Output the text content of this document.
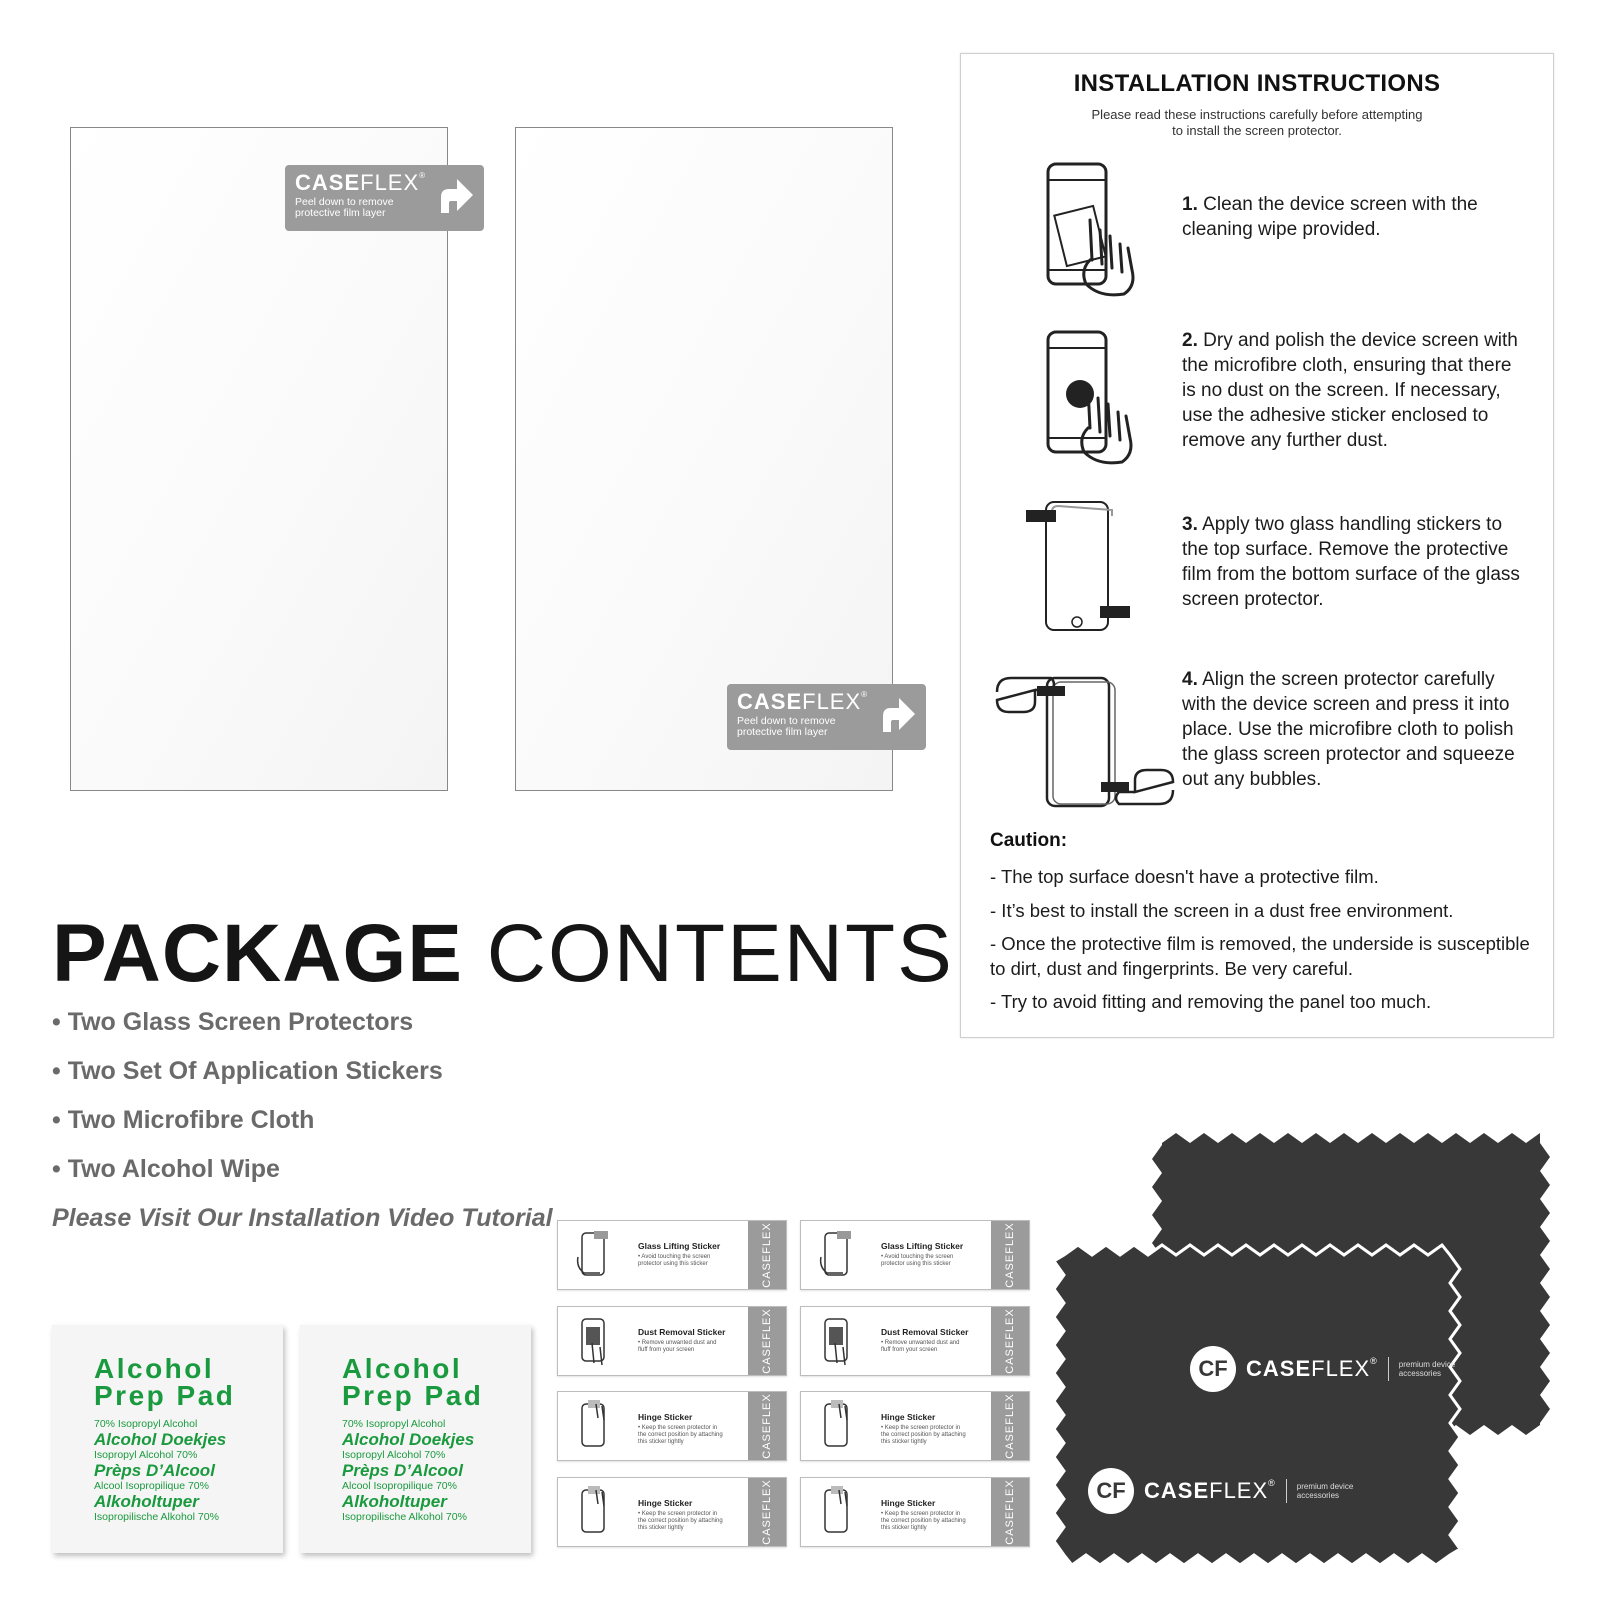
CASEFLEX®
Peel down to remove
protective film layer
CASEFLEX®
Peel down to remove
protective film layer
INSTALLATION INSTRUCTIONS
Please read these instructions carefully before attempting
to install the screen protector.
1. Clean the device screen with the cleaning wipe provided.
2. Dry and polish the device screen with the microfibre cloth, ensuring that there is no dust on the screen. If necessary, use the adhesive sticker enclosed to remove any further dust.
3. Apply two glass handling stickers to the top surface. Remove the protective film from the bottom surface of the glass screen protector.
4. Align the screen protector carefully with the device screen and press it into place. Use the microfibre cloth to polish the glass screen protector and squeeze out any bubbles.
Caution:
- The top surface doesn't have a protective film.
- It’s best to install the screen in a dust free environment.
- Once the protective film is removed, the underside is susceptible to dirt, dust and fingerprints. Be very careful.
- Try to avoid fitting and removing the panel too much.
PACKAGE CONTENTS
• Two Glass Screen Protectors
• Two Set Of Application Stickers
• Two Microfibre Cloth
• Two Alcohol Wipe
Please Visit Our Installation Video Tutorial
Alcohol
Prep Pad
70% Isopropyl Alcohol
Alcohol Doekjes
Isopropyl Alcohol 70%
Prèps D’Alcool
Alcool Isopropilique 70%
Alkoholtuper
Isopropilische Alkohol 70%
Alcohol
Prep Pad
70% Isopropyl Alcohol
Alcohol Doekjes
Isopropyl Alcohol 70%
Prèps D’Alcool
Alcool Isopropilique 70%
Alkoholtuper
Isopropilische Alkohol 70%
Glass Lifting Sticker
• Avoid touching the screen
protector using this sticker	CASEFLEX	Glass Lifting Sticker
• Avoid touching the screen
protector using this sticker	CASEFLEX
Dust Removal Sticker
• Remove unwanted dust and
fluff from your screen	CASEFLEX	Dust Removal Sticker
• Remove unwanted dust and
fluff from your screen	CASEFLEX
Hinge Sticker
• Keep the screen protector in
the correct position by attaching
this sticker tightly	CASEFLEX	Hinge Sticker
• Keep the screen protector in
the correct position by attaching
this sticker tightly	CASEFLEX
Hinge Sticker
• Keep the screen protector in
the correct position by attaching
this sticker tightly	CASEFLEX	Hinge Sticker
• Keep the screen protector in
the correct position by attaching
this sticker tightly	CASEFLEX
CF CASEFLEX®	premium device
accessories
CF CASEFLEX®	premium device
accessories
